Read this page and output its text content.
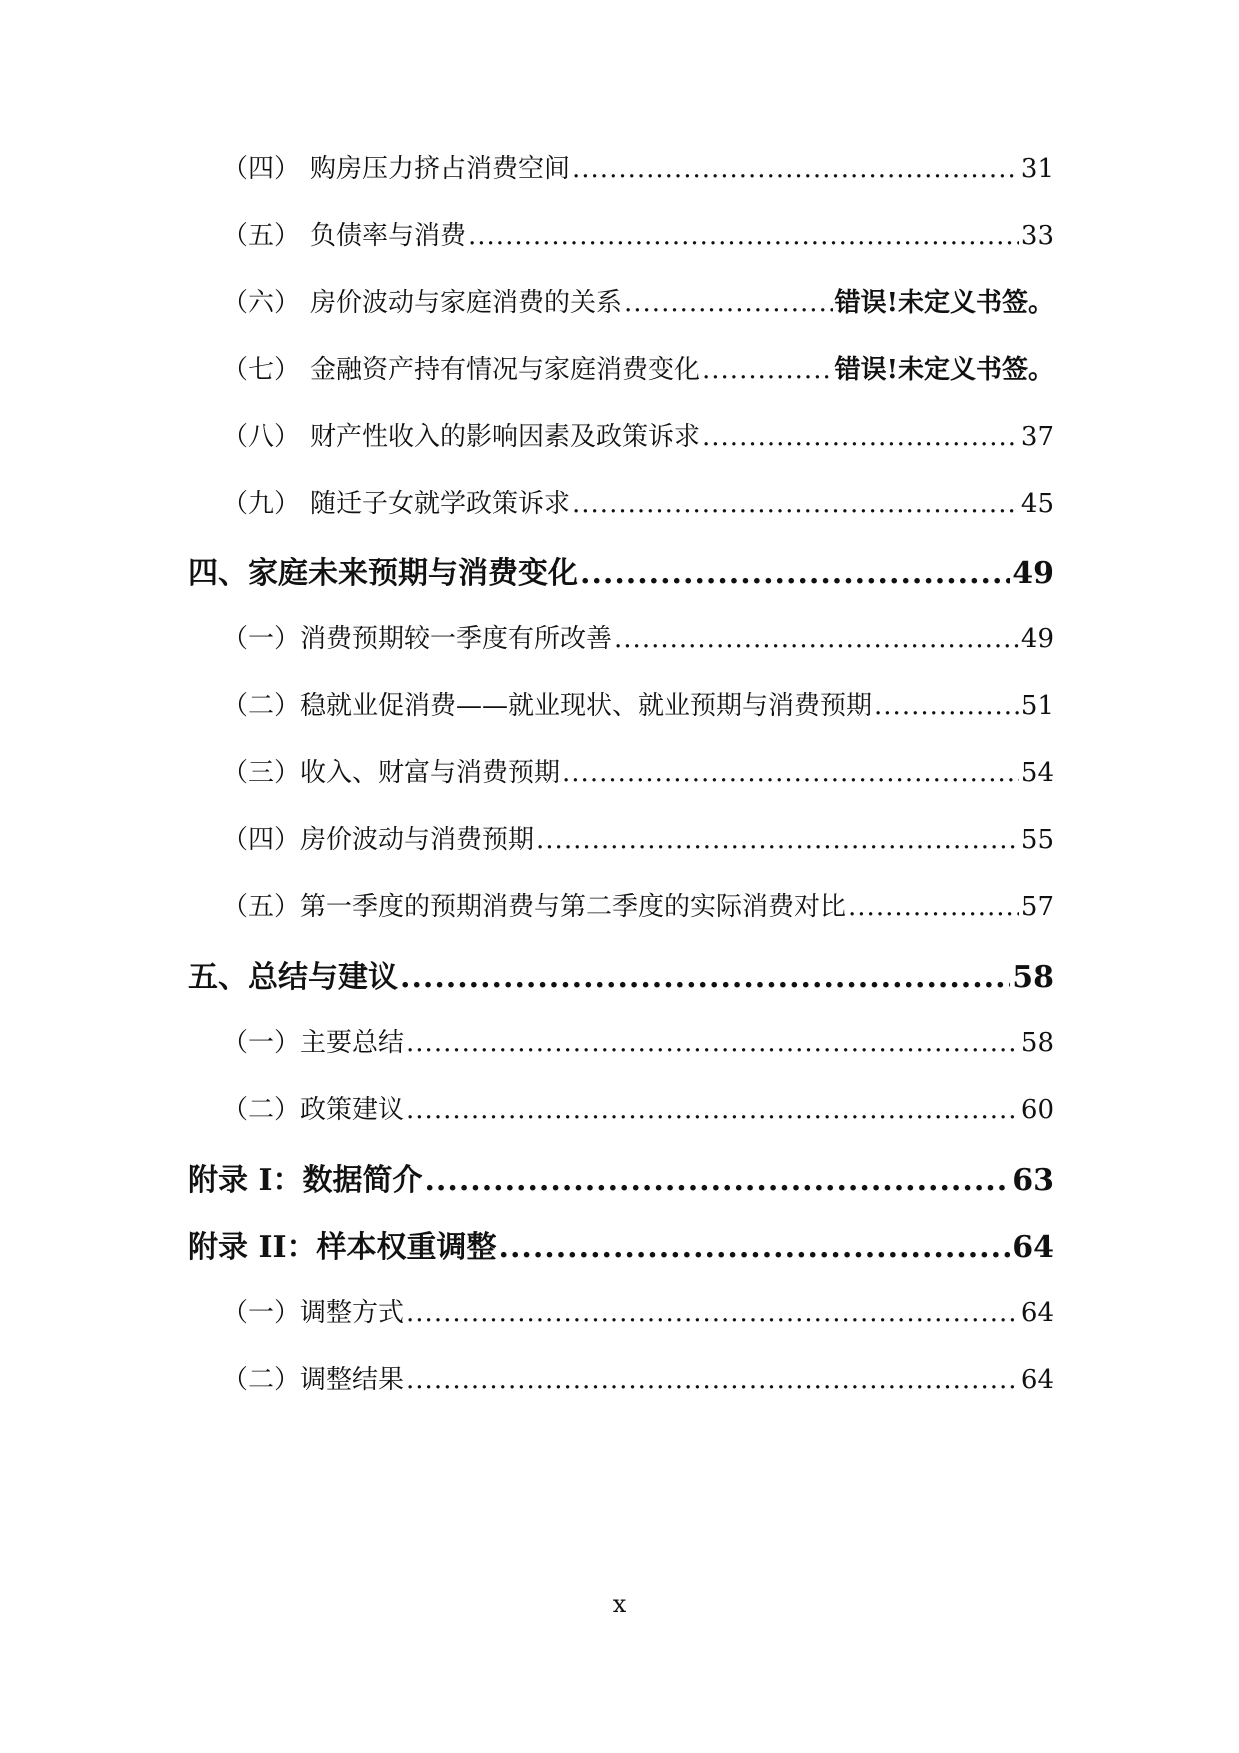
（四） 购房压力挤占消费空间 .....	31
（五） 负债率与消费 .....	33
（六） 房价波动与家庭消费的关系 .....	错误!未定义书签。
（七） 金融资产持有情况与家庭消费变化 .....	错误!未定义书签。
（八） 财产性收入的影响因素及政策诉求 .....	37
（九） 随迁子女就学政策诉求 .....	45
四、 家庭未来预期与消费变化 .....	49
（一） 消费预期较一季度有所改善 .....	49
（二） 稳就业促消费——就业现状、就业预期与消费预期 .....	51
（三） 收入、财富与消费预期 .....	54
（四） 房价波动与消费预期 .....	55
（五） 第一季度的预期消费与第二季度的实际消费对比 .....	57
五、 总结与建议 .....	58
（一） 主要总结 .....	58
（二） 政策建议 .....	60
附录 I： 数据简介 .....	63
附录 II： 样本权重调整 .....	64
（一） 调整方式 .....	64
（二） 调整结果 .....	64
x
